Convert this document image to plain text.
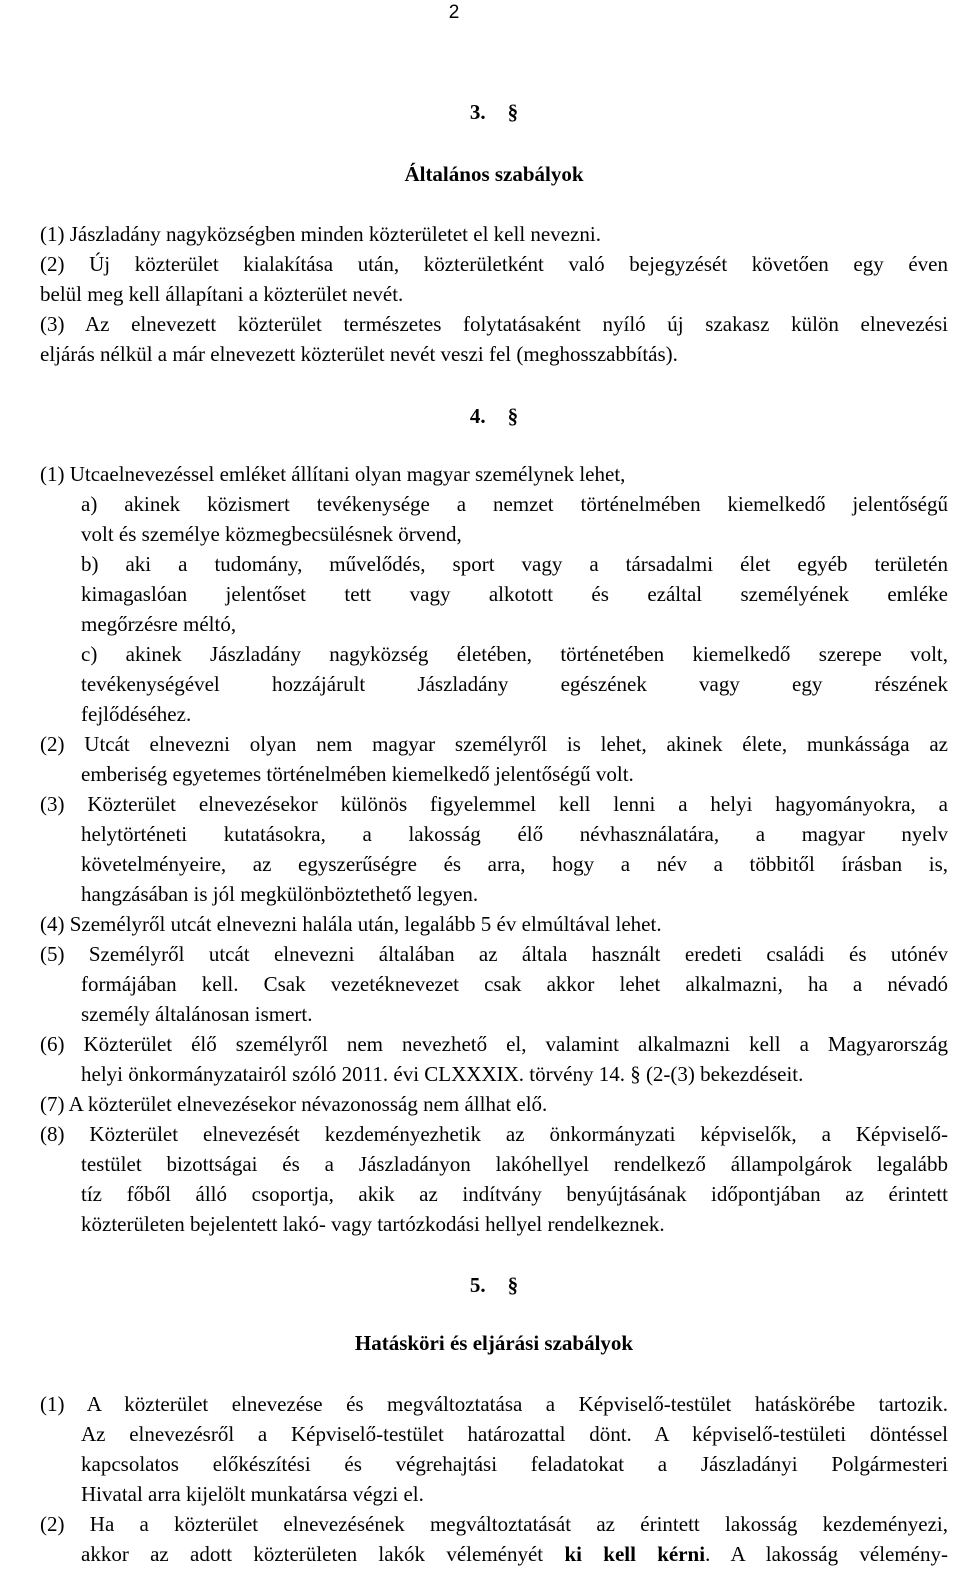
2
3. §
Általános szabályok
(1) Jászladány nagyközségben minden közterületet el kell nevezni.
(2) Új közterület kialakítása után, közterületként való bejegyzését követően egy éven
belül meg kell állapítani a közterület nevét.
(3) Az elnevezett közterület természetes folytatásaként nyíló új szakasz külön elnevezési
eljárás nélkül a már elnevezett közterület nevét veszi fel (meghosszabbítás).
4. §
(1) Utcaelnevezéssel emléket állítani olyan magyar személynek lehet,
a) akinek közismert tevékenysége a nemzet történelmében kiemelkedő jelentőségű
volt és személye közmegbecsülésnek örvend,
b) aki a tudomány, művelődés, sport vagy a társadalmi élet egyéb területén
kimagaslóan jelentőset tett vagy alkotott és ezáltal személyének emléke
megőrzésre méltó,
c) akinek Jászladány nagyközség életében, történetében kiemelkedő szerepe volt,
tevékenységével hozzájárult Jászladány egészének vagy egy részének
fejlődéséhez.
(2) Utcát elnevezni olyan nem magyar személyről is lehet, akinek élete, munkássága az
emberiség egyetemes történelmében kiemelkedő jelentőségű volt.
(3) Közterület elnevezésekor különös figyelemmel kell lenni a helyi hagyományokra, a
helytörténeti kutatásokra, a lakosság élő névhasználatára, a magyar nyelv
követelményeire, az egyszerűségre és arra, hogy a név a többitől írásban is,
hangzásában is jól megkülönböztethető legyen.
(4) Személyről utcát elnevezni halála után, legalább 5 év elmúltával lehet.
(5) Személyről utcát elnevezni általában az általa használt eredeti családi és utónév
formájában kell. Csak vezetéknevezet csak akkor lehet alkalmazni, ha a névadó
személy általánosan ismert.
(6) Közterület élő személyről nem nevezhető el, valamint alkalmazni kell a Magyarország
helyi önkormányzatairól szóló 2011. évi CLXXXIX. törvény 14. § (2-(3) bekezdéseit.
(7) A közterület elnevezésekor névazonosság nem állhat elő.
(8) Közterület elnevezését kezdeményezhetik az önkormányzati képviselők, a Képviselő-
testület bizottságai és a Jászladányon lakóhellyel rendelkező állampolgárok legalább
tíz főből álló csoportja, akik az indítvány benyújtásának időpontjában az érintett
közterületen bejelentett lakó- vagy tartózkodási hellyel rendelkeznek.
5. §
Hatásköri és eljárási szabályok
(1) A közterület elnevezése és megváltoztatása a Képviselő-testület hatáskörébe tartozik.
Az elnevezésről a Képviselő-testület határozattal dönt. A képviselő-testületi döntéssel
kapcsolatos előkészítési és végrehajtási feladatokat a Jászladányi Polgármesteri
Hivatal arra kijelölt munkatársa végzi el.
(2) Ha a közterület elnevezésének megváltoztatását az érintett lakosság kezdeményezi,
akkor az adott közterületen lakók véleményét ki kell kérni. A lakosság vélemény-
